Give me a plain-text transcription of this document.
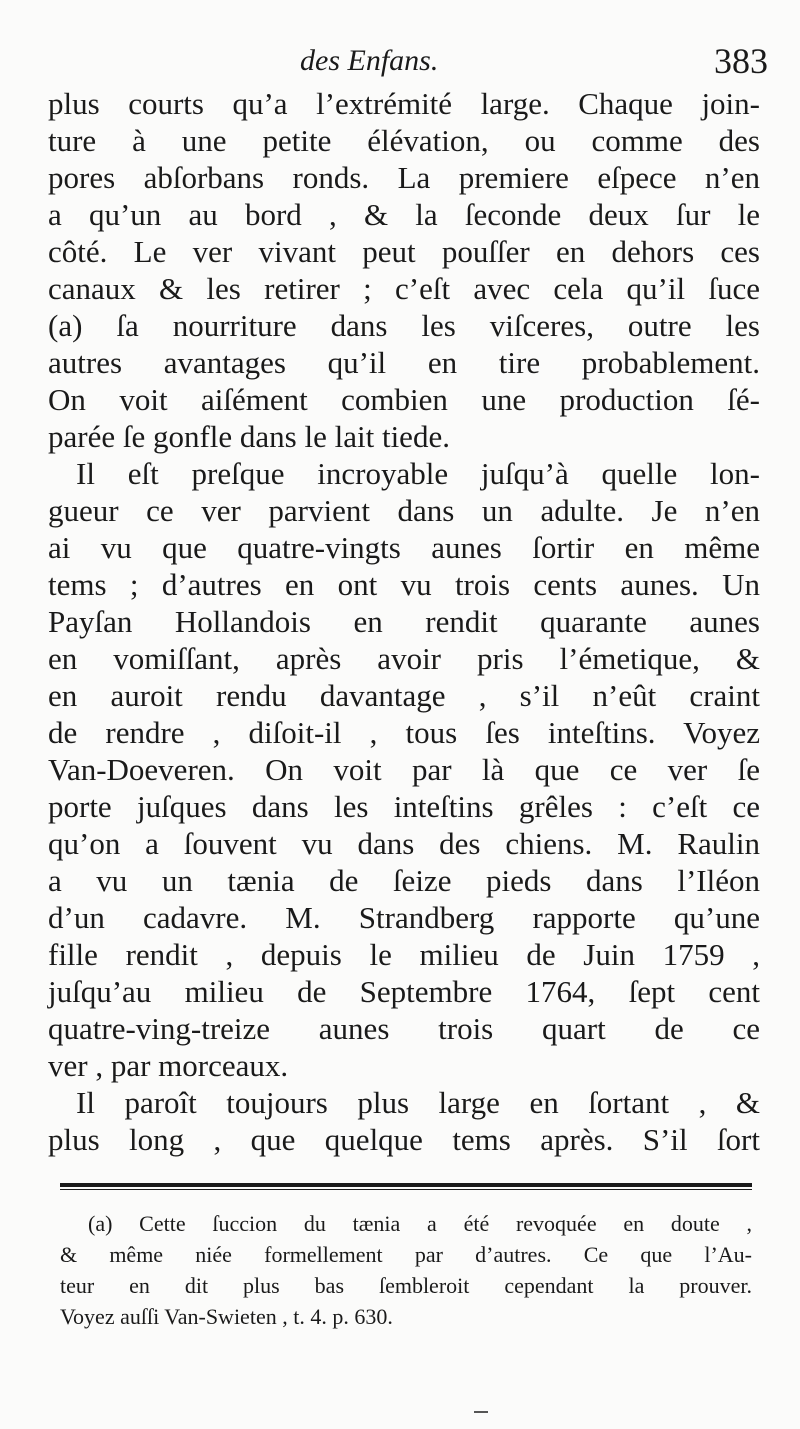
des Enfans.	383
plus courts qu’a l’extrémité large. Chaque join-
ture à une petite élévation, ou comme des
pores abſorbans ronds. La premiere eſpece n’en
a qu’un au bord , & la ſeconde deux ſur le
côté. Le ver vivant peut pouſſer en dehors ces
canaux & les retirer ; c’eſt avec cela qu’il ſuce
(a) ſa nourriture dans les viſceres, outre les
autres avantages qu’il en tire probablement.
On voit aiſément combien une production ſé-
parée ſe gonfle dans le lait tiede.
Il eſt preſque incroyable juſqu’à quelle lon-
gueur ce ver parvient dans un adulte. Je n’en
ai vu que quatre-vingts aunes ſortir en même
tems ; d’autres en ont vu trois cents aunes. Un
Payſan Hollandois en rendit quarante aunes
en vomiſſant, après avoir pris l’émetique, &
en auroit rendu davantage , s’il n’eût craint
de rendre , diſoit-il , tous ſes inteſtins. Voyez
Van-Doeveren. On voit par là que ce ver ſe
porte juſques dans les inteſtins grêles : c’eſt ce
qu’on a ſouvent vu dans des chiens. M. Raulin
a vu un tænia de ſeize pieds dans l’Iléon
d’un cadavre. M. Strandberg rapporte qu’une
fille rendit , depuis le milieu de Juin 1759 ,
juſqu’au milieu de Septembre 1764, ſept cent
quatre-ving-treize aunes trois quart de ce
ver , par morceaux.
Il paroît toujours plus large en ſortant , &
plus long , que quelque tems après. S’il ſort
(a) Cette ſuccion du tænia a été revoquée en doute ,
& même niée formellement par d’autres. Ce que l’Au-
teur en dit plus bas ſembleroit cependant la prouver.
Voyez auſſi Van-Swieten , t. 4. p. 630.
